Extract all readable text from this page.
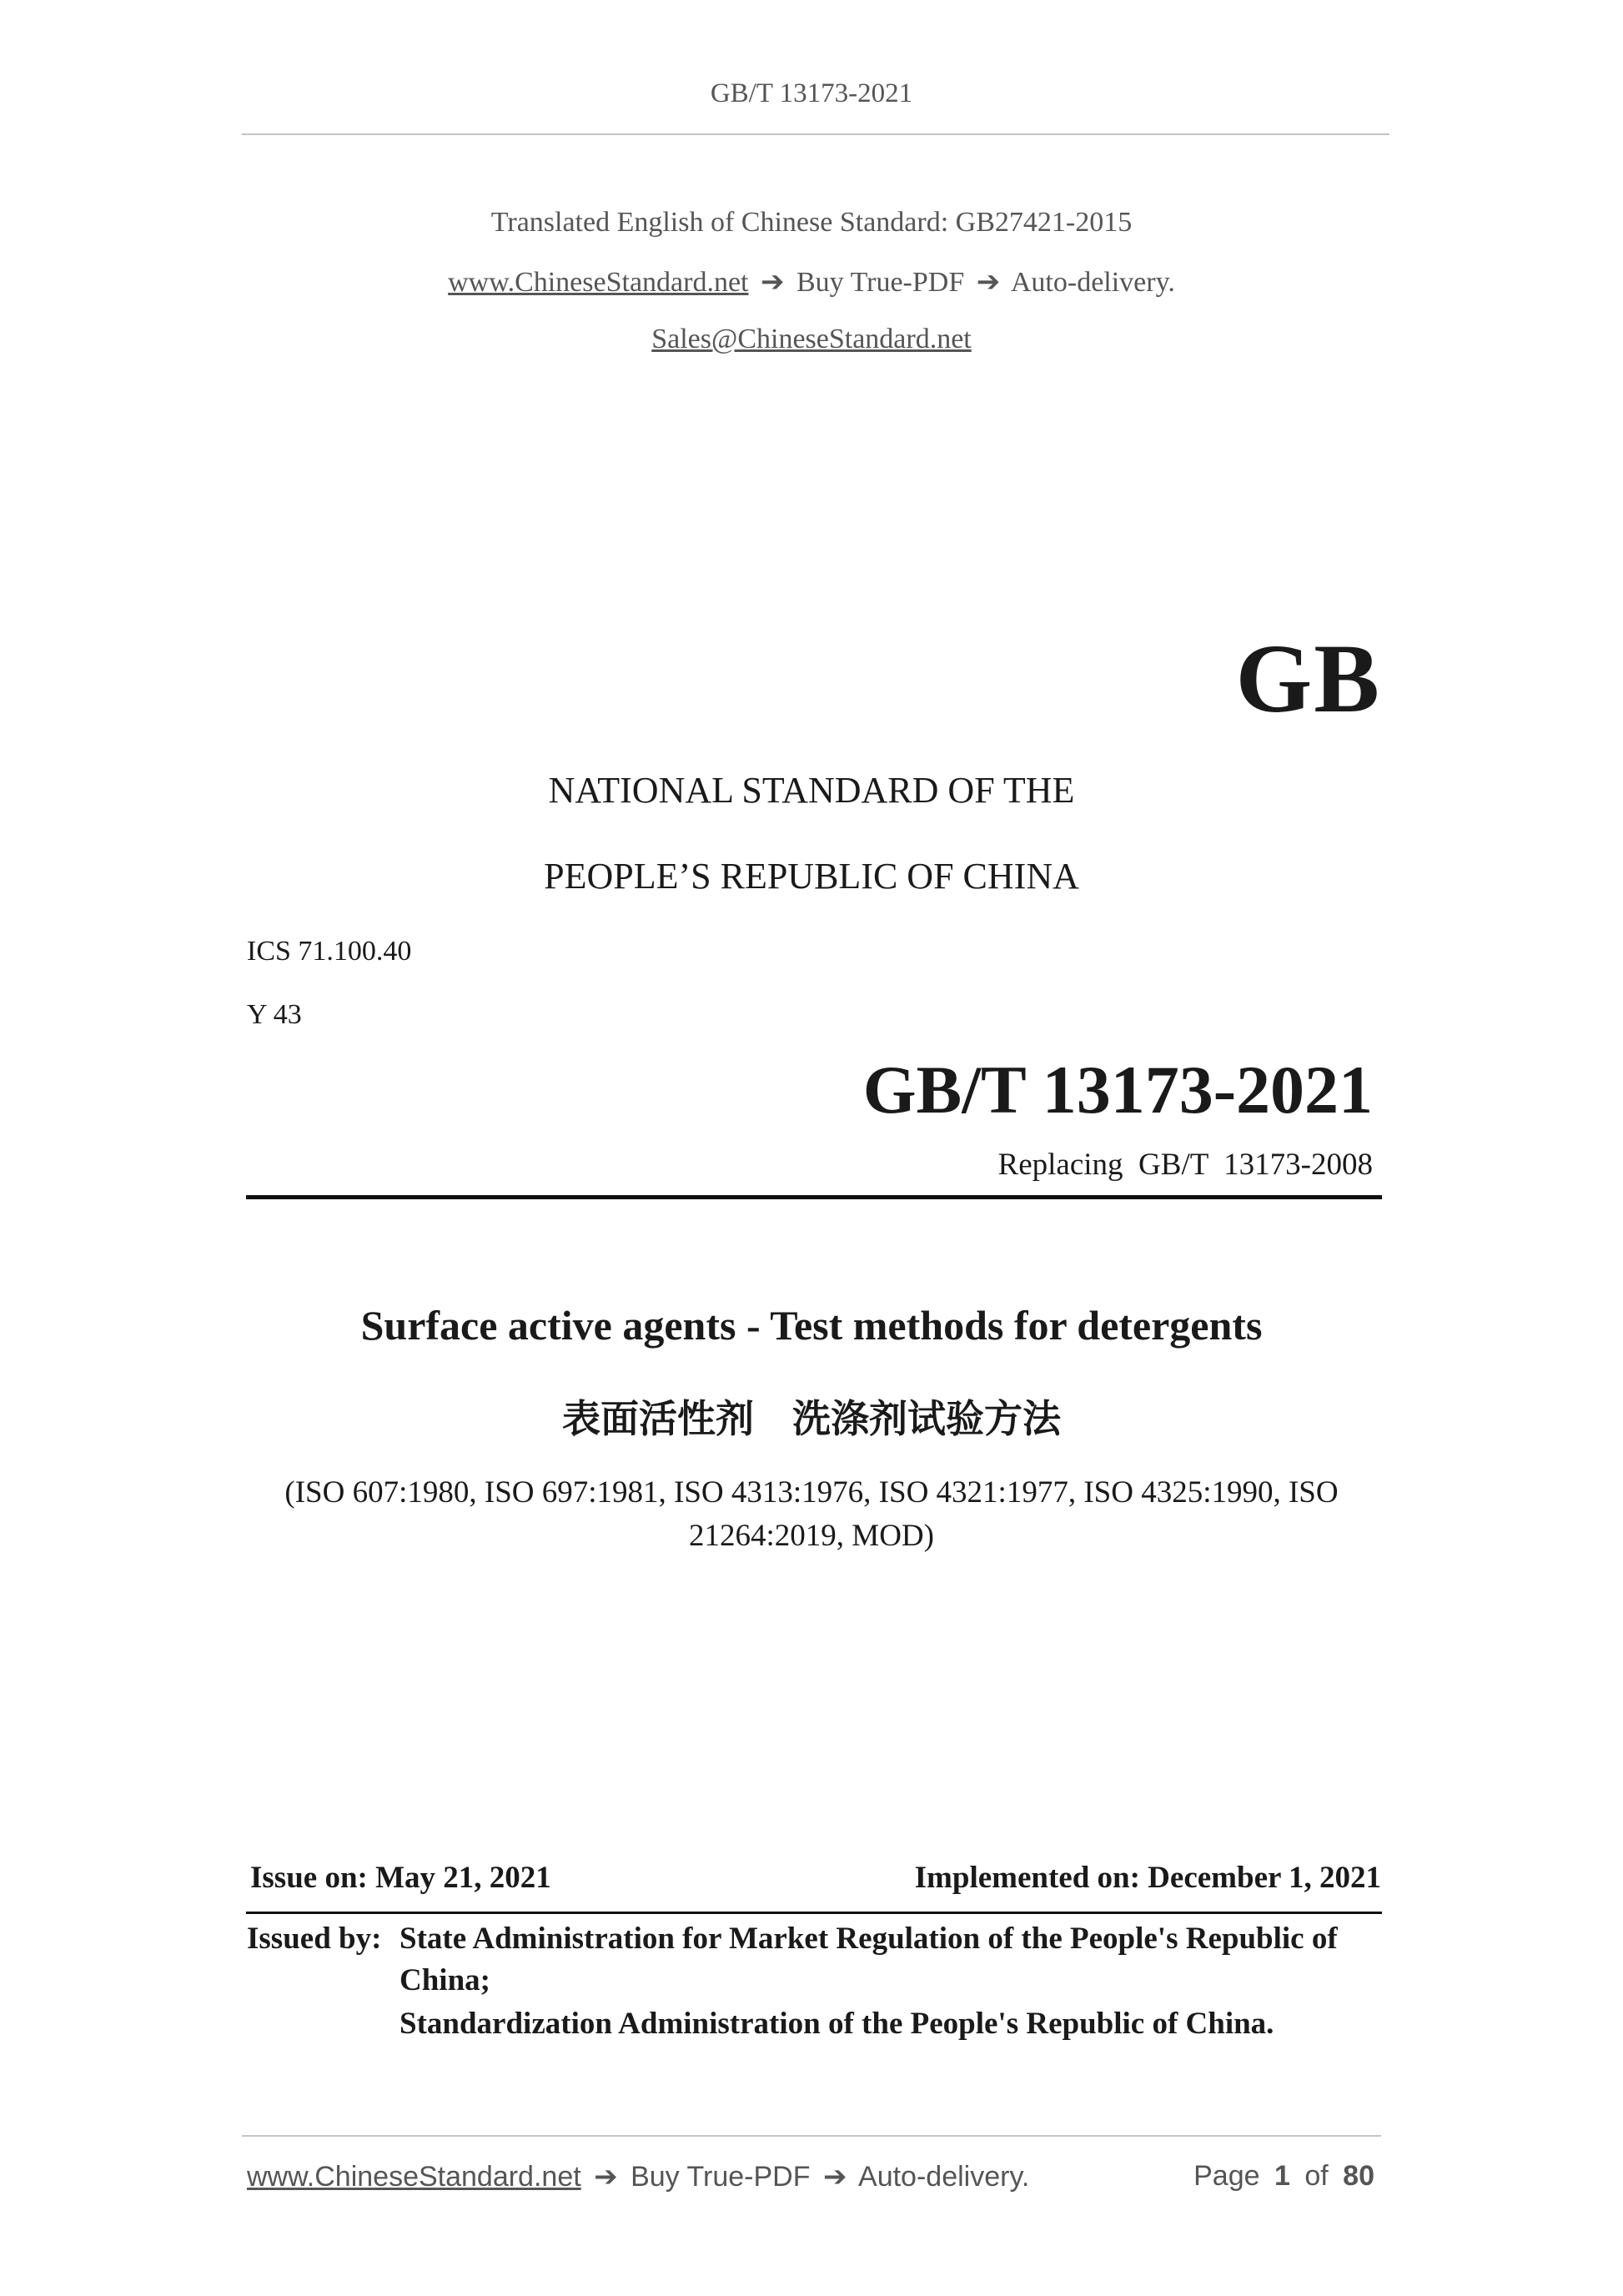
GB/T 13173-2021
Translated English of Chinese Standard: GB27421-2015
www.ChineseStandard.net ➔ Buy True-PDF ➔ Auto-delivery.
Sales@ChineseStandard.net
GB
NATIONAL STANDARD OF THE
PEOPLE’S REPUBLIC OF CHINA
ICS 71.100.40
Y 43
GB/T 13173-2021
Replacing  GB/T  13173-2008
Surface active agents - Test methods for detergents
表面活性剂　洗涤剂试验方法
(ISO 607:1980, ISO 697:1981, ISO 4313:1976, ISO 4321:1977, ISO 4325:1990, ISO
21264:2019, MOD)
Issue on: May 21, 2021	Implemented on: December 1, 2021
Issued by: State Administration for Market Regulation of the People's Republic of
China;
Standardization Administration of the People's Republic of China.
www.ChineseStandard.net ➔ Buy True-PDF ➔ Auto-delivery.	Page 1 of 80
